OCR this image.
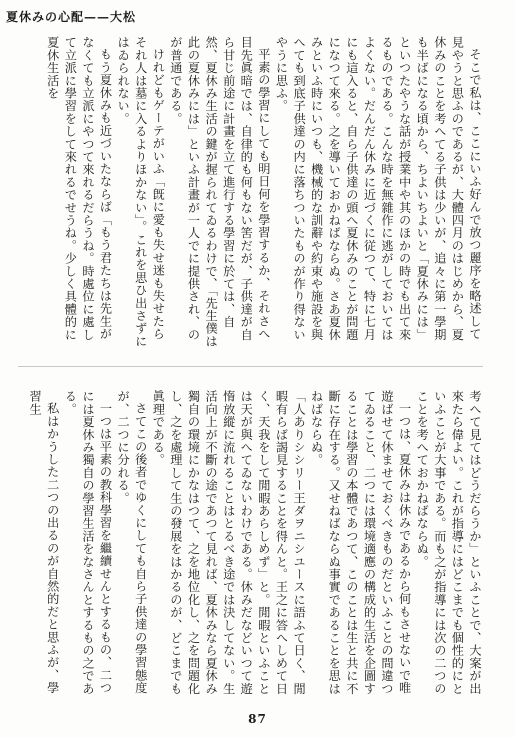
夏休みの心配——大松

そこで私は、ここにいふ好んで放つ麗序を略述して見やうと思ふのであるが、大體四月のはじめから、夏休みのことを考へてる子供は少いが、追々に第一學期も半ばになる頃から、ちよいちよいと「夏休みには」といつたやうな話が授業中や其のほかの時でも出て來るものである。こんな時を無雜作に逃がしておいてはよくない。だんだん休みに近づくに従つて、特に七月にも這入ると、自ら子供達の頭へ夏休みのことが問題になつて來る。之を導いておかねばならぬ。さあ夏休みといふ時にいつも、機械的な訓辭や約束や施設を與へても到底子供達の内に落ちついたものが作り得ないやうに思ふ。

平素の學習にしても明日何を學習するか、それさへ目先眞暗では、自律的も何もない筈だが、子供達が自ら甘じ前途に計畫を立て進行する學習に於ては、自然、夏休み生活の鍵が握られてゐるわけで、「先生僕は此の夏休みには」といふ計畫が一人でに提供され、のが普通である。

けれどもゲーテがいふ「旣に愛も失せ迷も失せたらそれ人は墓に入るよりほかない」。これを思ひ出さずにはゐられない。

もう夏休みも近づいたならば「もう君たちは先生がなくても立派にやつて來れるだらうね。時處位に處して立派に學習をして來れるでせうね。少しく具體的に夏休生活を

考へて見てはどうだらうか」といふことで、大案が出來たら偉よい。これが指導にはどこまでも個性的にといふことが大事である。而も之が指導には次の二つのことを考へておかねばならぬ。

一つは、夏休みは休みであるから何もさせないで唯遊ばせて休ませておくべきものだといふことの間違つてゐること、二つには環境適應の構成的生活を企圖することは學習の本體であつて、このことは生と共に不斷に存在する。又せねばならぬ事實であることを思はねばならぬ。

「人ありシシリー王ダヲニシユースに語ふて日く、閒暇有らば謁見することを得んと。王之に答へしめて日く、天我をして閒暇あらしめず」と。閒暇といふことは天が與へてゐないわけである。休みだなどいつて遊惰放縱に流れることはとるべき途では決してない。生活向上が不斷の途であつて見れば、夏休みなら夏休み獨自の環境にかなはつて、之を地位化し、之を問題化し、之を處理して生の發展をはかるのが、どこまでも眞理である。

さてこの後者でゆくにしても自ら子供達の學習態度が、二つに分れる。

一つは平素の教科學習を繼續せんとするもの、二つには夏休み獨自の學習生活をなさんとするもの之である。

私はかうした二つの出るのが自然的だと思ふが、學習生

87
